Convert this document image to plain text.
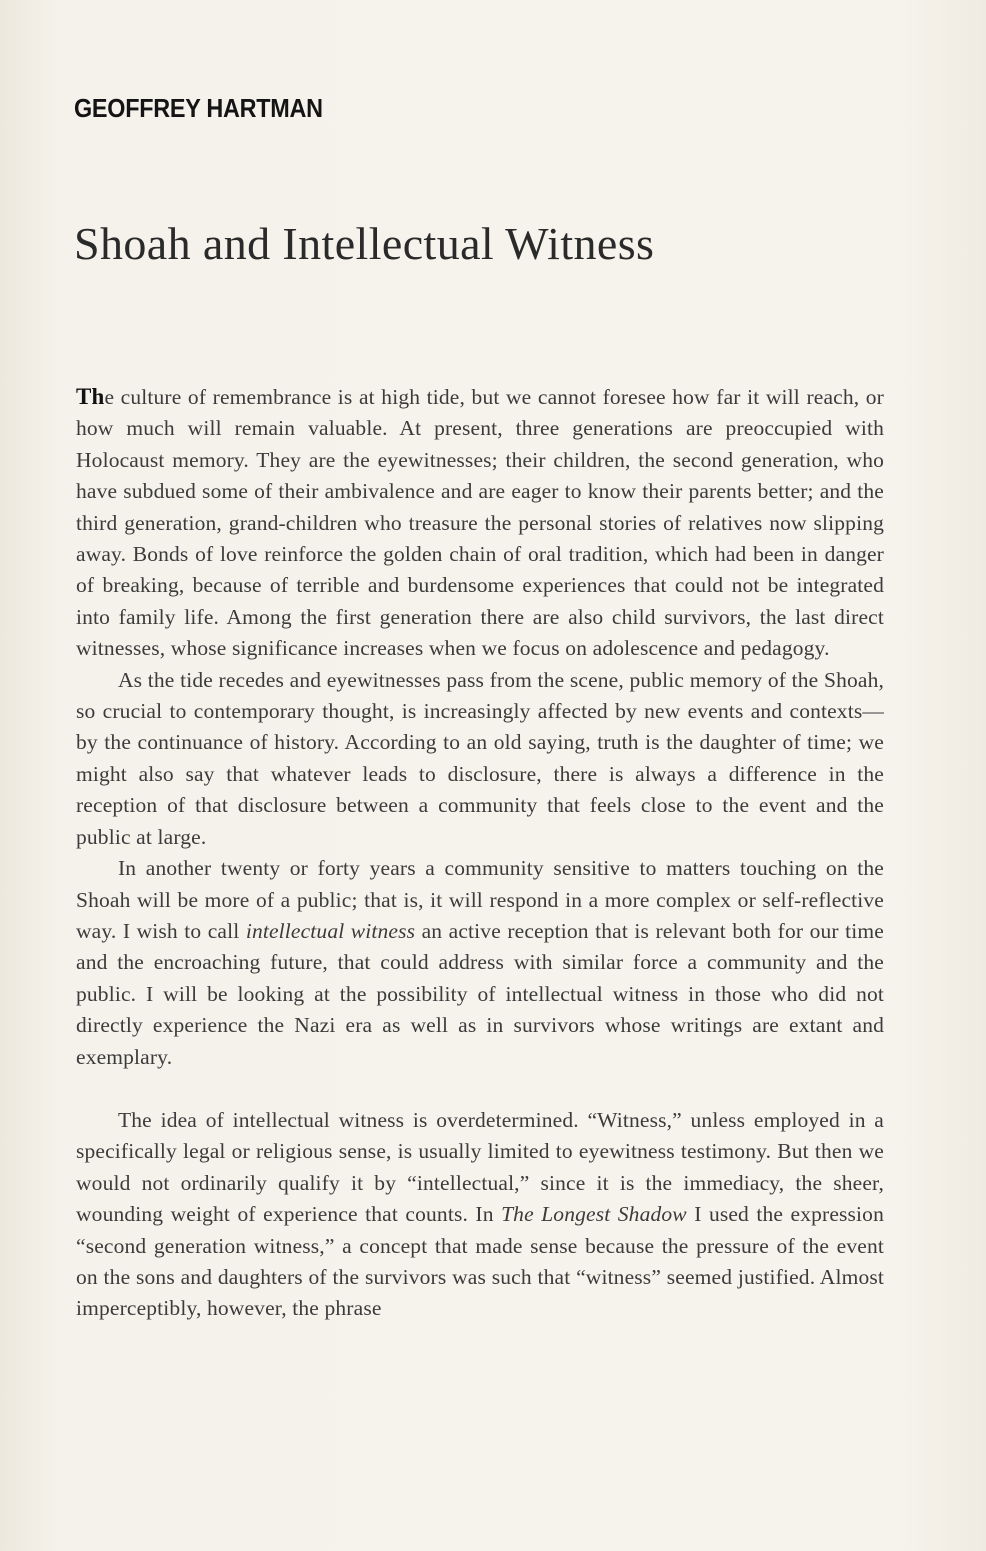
GEOFFREY HARTMAN
Shoah and Intellectual Witness

The culture of remembrance is at high tide, but we cannot foresee how far it will reach, or how much will remain valuable. At present, three generations are preoccupied with Holocaust memory. They are the eyewitnesses; their children, the second generation, who have subdued some of their ambivalence and are eager to know their parents better; and the third generation, grand-children who treasure the personal stories of relatives now slipping away. Bonds of love reinforce the golden chain of oral tradition, which had been in danger of breaking, because of terrible and burdensome experiences that could not be integrated into family life. Among the first generation there are also child survivors, the last direct witnesses, whose significance increases when we focus on adolescence and pedagogy.

As the tide recedes and eyewitnesses pass from the scene, public memory of the Shoah, so crucial to contemporary thought, is increasingly affected by new events and contexts—by the continuance of history. According to an old saying, truth is the daughter of time; we might also say that whatever leads to disclosure, there is always a difference in the reception of that disclosure between a community that feels close to the event and the public at large.

In another twenty or forty years a community sensitive to matters touching on the Shoah will be more of a public; that is, it will respond in a more complex or self-reflective way. I wish to call intellectual witness an active reception that is relevant both for our time and the encroaching future, that could address with similar force a community and the public. I will be looking at the possibility of intellectual witness in those who did not directly experience the Nazi era as well as in survivors whose writings are extant and exemplary.

The idea of intellectual witness is overdetermined. “Witness,” unless employed in a specifically legal or religious sense, is usually limited to eyewitness testimony. But then we would not ordinarily qualify it by “intellectual,” since it is the immediacy, the sheer, wounding weight of experience that counts. In The Longest Shadow I used the expression “second generation witness,” a concept that made sense because the pressure of the event on the sons and daughters of the survivors was such that “witness” seemed justified. Almost imperceptibly, however, the phrase
